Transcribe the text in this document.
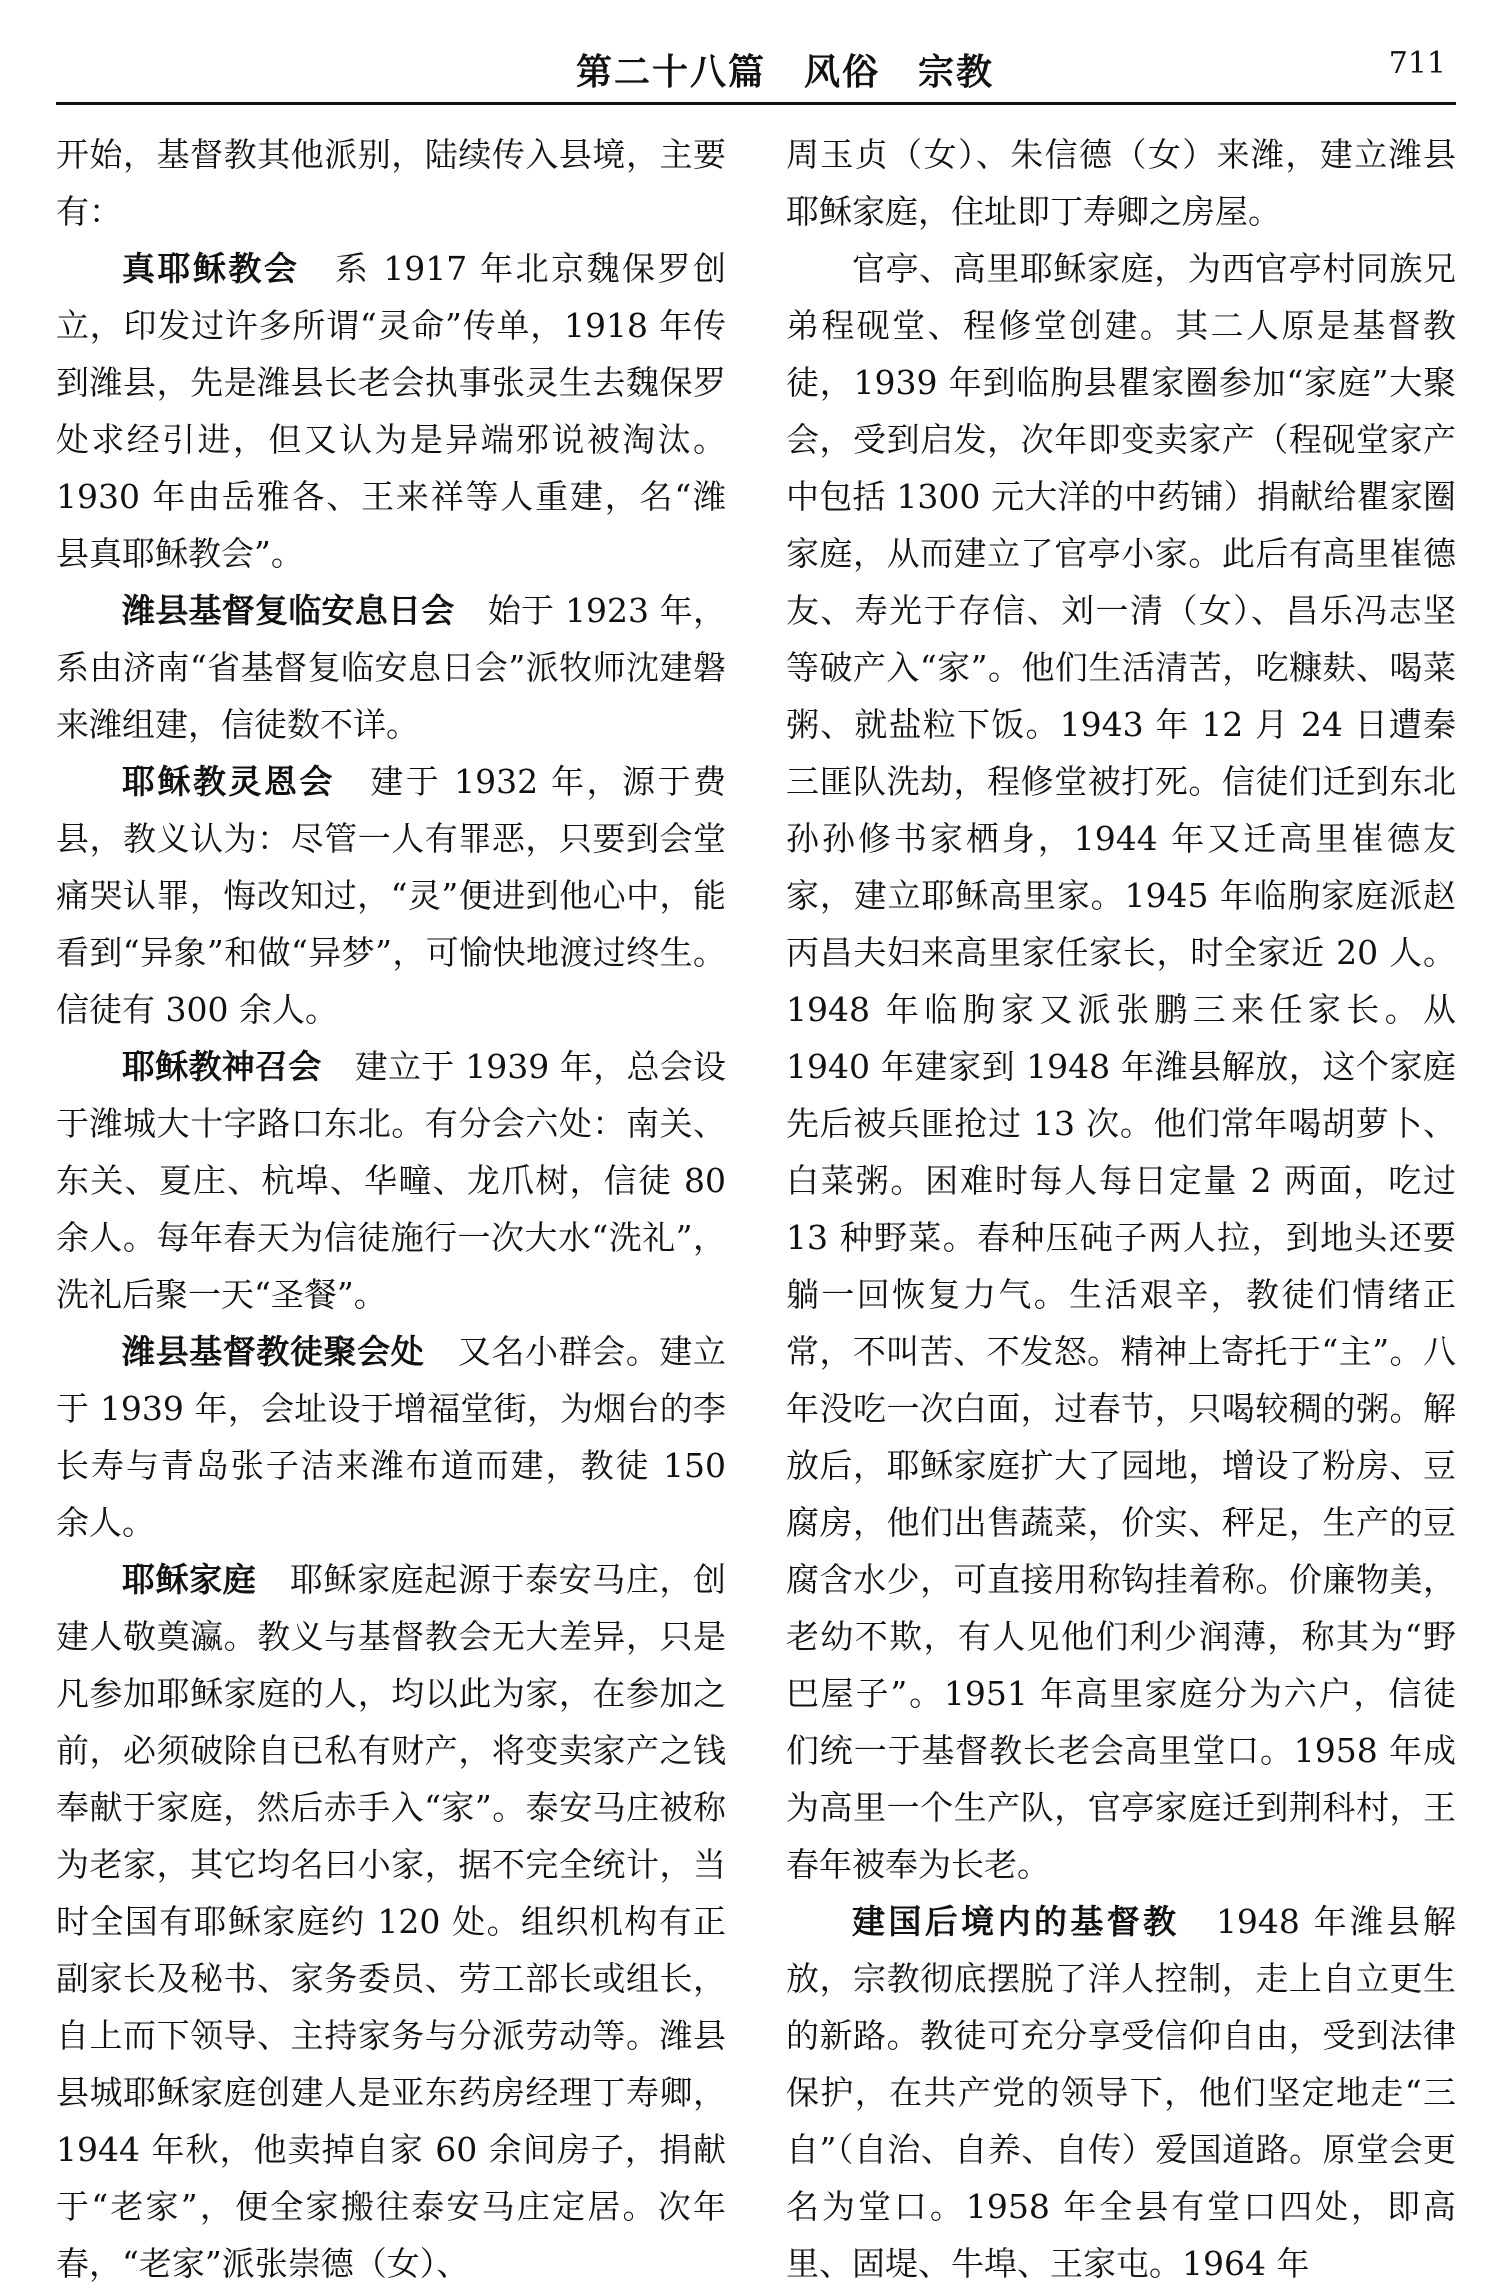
第二十八篇　风俗　宗教	711

开始，基督教其他派别，陆续传入县境，主要有：

真耶稣教会　系 1917 年北京魏保罗创立，印发过许多所谓“灵命”传单，1918 年传到潍县，先是潍县长老会执事张灵生去魏保罗处求经引进，但又认为是异端邪说被淘汰。1930 年由岳雅各、王来祥等人重建，名“潍县真耶稣教会”。

潍县基督复临安息日会　始于 1923 年，系由济南“省基督复临安息日会”派牧师沈建磐来潍组建，信徒数不详。

耶稣教灵恩会　建于 1932 年，源于费县，教义认为：尽管一人有罪恶，只要到会堂痛哭认罪，悔改知过，“灵”便进到他心中，能看到“异象”和做“异梦”，可愉快地渡过终生。信徒有 300 余人。

耶稣教神召会　建立于 1939 年，总会设于潍城大十字路口东北。有分会六处：南关、东关、夏庄、杭埠、华疃、龙爪树，信徒 80 余人。每年春天为信徒施行一次大水“洗礼”，洗礼后聚一天“圣餐”。

潍县基督教徒聚会处　又名小群会。建立于 1939 年，会址设于增福堂街，为烟台的李长寿与青岛张子洁来潍布道而建，教徒 150 余人。

耶稣家庭　耶稣家庭起源于泰安马庄，创建人敬奠瀛。教义与基督教会无大差异，只是凡参加耶稣家庭的人，均以此为家，在参加之前，必须破除自已私有财产，将变卖家产之钱奉献于家庭，然后赤手入“家”。泰安马庄被称为老家，其它均名曰小家，据不完全统计，当时全国有耶稣家庭约 120 处。组织机构有正副家长及秘书、家务委员、劳工部长或组长，自上而下领导、主持家务与分派劳动等。潍县县城耶稣家庭创建人是亚东药房经理丁寿卿，1944 年秋，他卖掉自家 60 余间房子，捐献于“老家”，便全家搬往泰安马庄定居。次年春，“老家”派张崇德（女）、

周玉贞（女）、朱信德（女）来潍，建立潍县耶稣家庭，住址即丁寿卿之房屋。

官亭、高里耶稣家庭，为西官亭村同族兄弟程砚堂、程修堂创建。其二人原是基督教徒，1939 年到临朐县瞿家圈参加“家庭”大聚会，受到启发，次年即变卖家产（程砚堂家产中包括 1300 元大洋的中药铺）捐献给瞿家圈家庭，从而建立了官亭小家。此后有高里崔德友、寿光于存信、刘一清（女）、昌乐冯志坚等破产入“家”。他们生活清苦，吃糠麸、喝菜粥、就盐粒下饭。1943 年 12 月 24 日遭秦三匪队洗劫，程修堂被打死。信徒们迁到东北孙孙修书家栖身，1944 年又迁高里崔德友家，建立耶稣高里家。1945 年临朐家庭派赵丙昌夫妇来高里家任家长，时全家近 20 人。1948 年临朐家又派张鹏三来任家长。从 1940 年建家到 1948 年潍县解放，这个家庭先后被兵匪抢过 13 次。他们常年喝胡萝卜、白菜粥。困难时每人每日定量 2 两面，吃过 13 种野菜。春种压砘子两人拉，到地头还要躺一回恢复力气。生活艰辛，教徒们情绪正常，不叫苦、不发怒。精神上寄托于“主”。八年没吃一次白面，过春节，只喝较稠的粥。解放后，耶稣家庭扩大了园地，增设了粉房、豆腐房，他们出售蔬菜，价实、秤足，生产的豆腐含水少，可直接用称钩挂着称。价廉物美，老幼不欺，有人见他们利少润薄，称其为“野巴屋子”。1951 年高里家庭分为六户，信徒们统一于基督教长老会高里堂口。1958 年成为高里一个生产队，官亭家庭迁到荆科村，王春年被奉为长老。

建国后境内的基督教　1948 年潍县解放，宗教彻底摆脱了洋人控制，走上自立更生的新路。教徒可充分享受信仰自由，受到法律保护，在共产党的领导下，他们坚定地走“三自”（自治、自养、自传）爱国道路。原堂会更名为堂口。1958 年全县有堂口四处，即高里、固堤、牛埠、王家屯。1964 年
